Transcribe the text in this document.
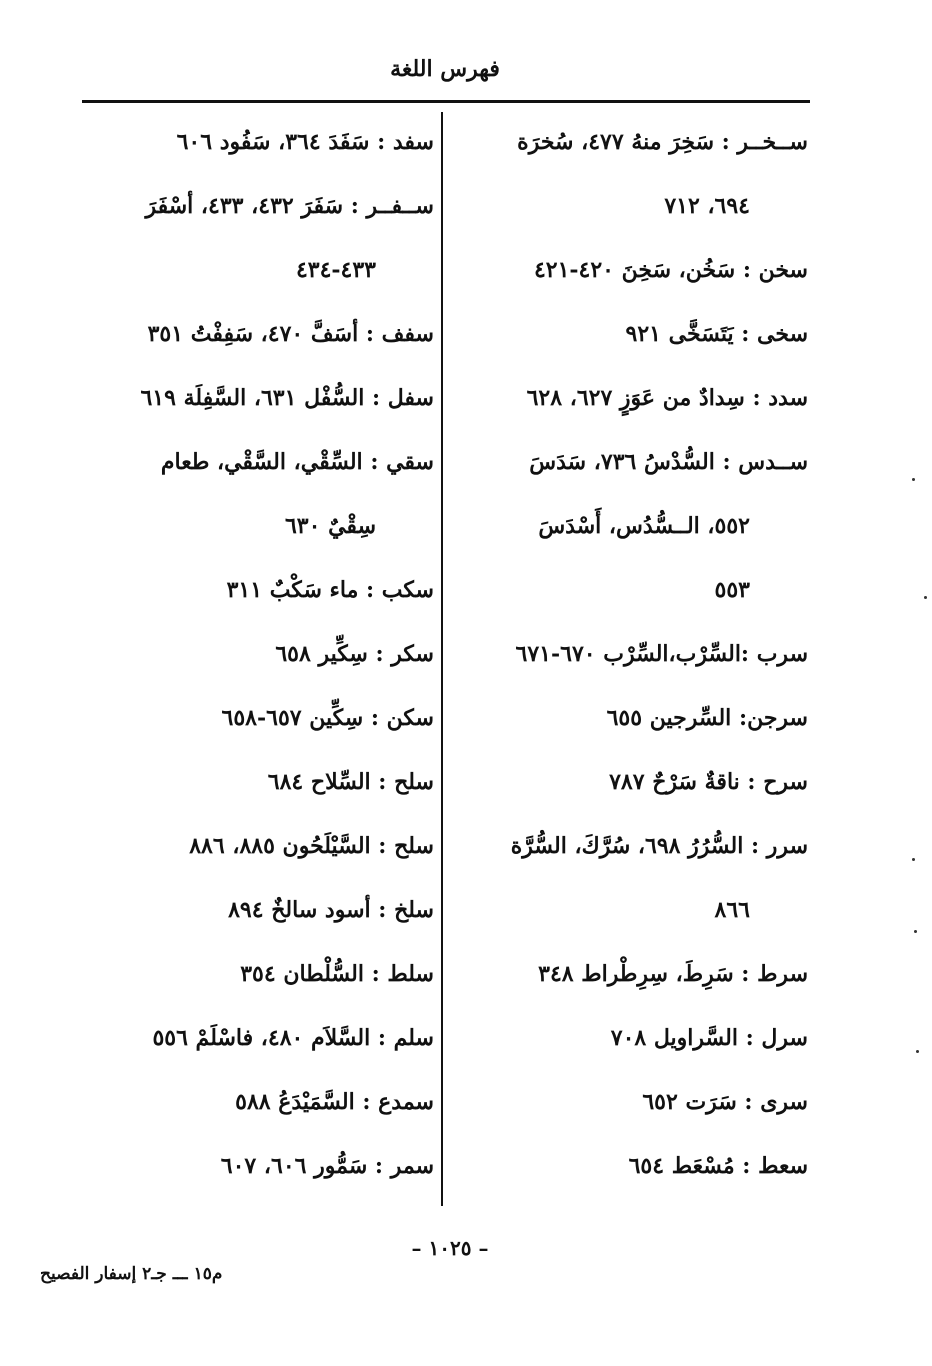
فهرس اللغة

ســخــر : سَخِرَ منهُ ٤٧٧، سُخرَة

٦٩٤، ٧١٢

سخن : سَخُن، سَخِنَ ٤٢٠-٤٢١

سخى : يَتَسَخَّى ٩٢١

سدد : سِدادٌ من عَوَزٍ ٦٢٧، ٦٢٨

ســدس : السُّدْسُ ٧٣٦، سَدَسَ

٥٥٢، الــسُّدُس، أَسْدَسَ

٥٥٣

سرب :السِّرْب،السِّرْب ٦٧٠-٦٧١

سرجن: السِّرجين ٦٥٥

سرح : ناقةٌ سَرْحٌ ٧٨٧

سرر : السُّرُرُ ٦٩٨، سُرَّكَ، السُّرَّة

٨٦٦

سرط : سَرِطَ، سِرِطْراط ٣٤٨

سرل : السَّراويل ٧٠٨

سرى : سَرَت ٦٥٢

سعط : مُسْعَط ٦٥٤

سفد : سَفَدَ ٣٦٤، سَفُود ٦٠٦

ســفــر : سَفَرَ ٤٣٢، ٤٣٣، أسْفَرَ

٤٣٣-٤٣٤

سفف : أسَفَّ ٤٧٠، سَفِفْتُ ٣٥١

سفل : السُّفْل ٦٣١، السَّفِلَة ٦١٩

سقي : السِّقْي، السَّقْي، طعام

سِقْيٌ ٦٣٠

سكب : ماء سَكْبٌ ٣١١

سكر : سِكِّير ٦٥٨

سكن : سِكِّين ٦٥٧-٦٥٨

سلح : السِّلاح ٦٨٤

سلح : السَّيْلَحُون ٨٨٥، ٨٨٦

سلخ : أسود سالخٌ ٨٩٤

سلط : السُّلْطان ٣٥٤

سلم : السَّلاَم ٤٨٠، فاسْلَمْ ٥٥٦

سمدع : السَّمَيْدَعُ ٥٨٨

سمر : سَمُّور ٦٠٦، ٦٠٧

– ١٠٢٥ –
م١٥ ـــ جـ٢ إسفار الفصيح
